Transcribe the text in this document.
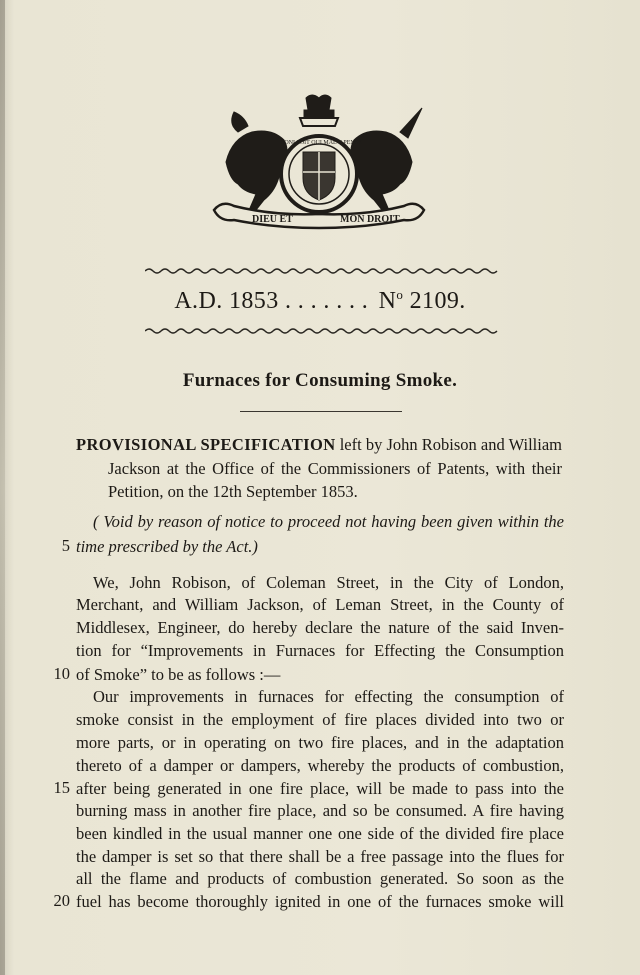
DIEU ET	MON DROIT
HONI SOIT QUI MAL Y PENSE
A.D. 1853 . . . . . . . $N^o$ 2109.
Furnaces for Consuming Smoke.
PROVISIONAL SPECIFICATION left by John Robison and William
Jackson at the Office of the Commissioners of Patents, with their
Petition, on the 12th September 1853.
( Void by reason of notice to proceed not having been given within the
5 time prescribed by the Act.)
We, John Robison, of Coleman Street, in the City of London,
Merchant, and William Jackson, of Leman Street, in the County of
Middlesex, Engineer, do hereby declare the nature of the said Inven-
tion for “Improvements in Furnaces for Effecting the Consumption
10 of Smoke” to be as follows :—
Our improvements in furnaces for effecting the consumption of
smoke consist in the employment of fire places divided into two or
more parts, or in operating on two fire places, and in the adaptation
thereto of a damper or dampers, whereby the products of combustion,
15 after being generated in one fire place, will be made to pass into the
burning mass in another fire place, and so be consumed. A fire having
been kindled in the usual manner one one side of the divided fire place
the damper is set so that there shall be a free passage into the flues for
all the flame and products of combustion generated. So soon as the
20 fuel has become thoroughly ignited in one of the furnaces smoke will
